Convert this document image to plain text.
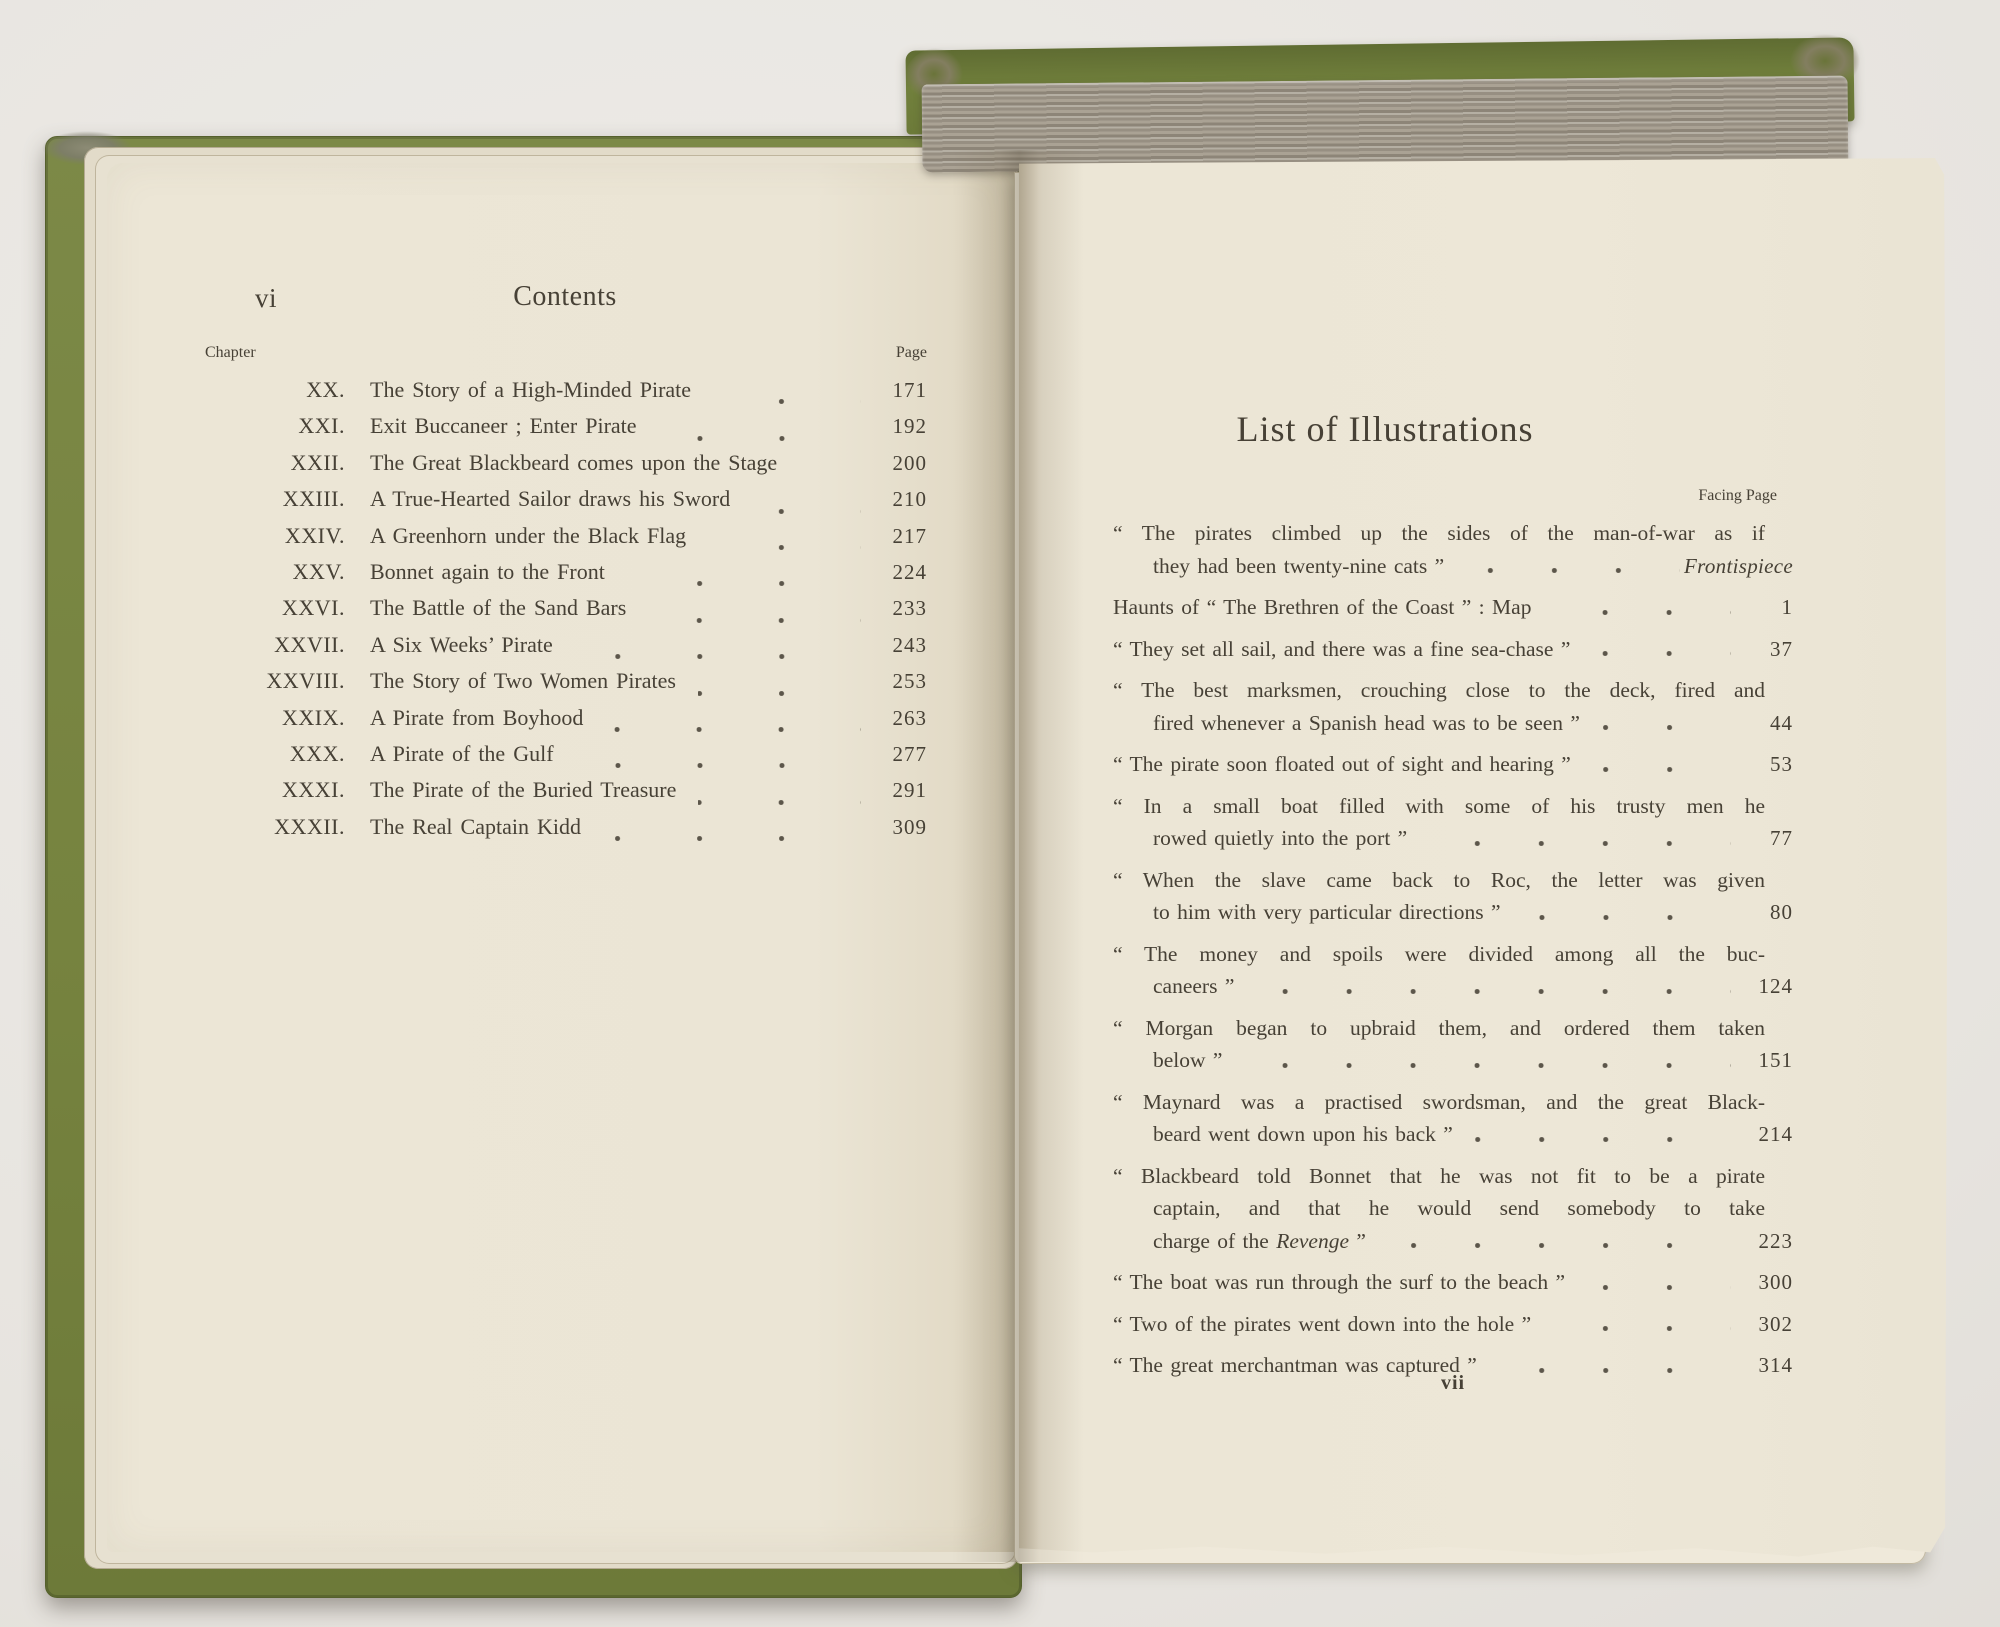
vi	Contents
Chapter	Page
XX. The Story of a High-Minded Pirate	171
XXI. Exit Buccaneer ; Enter Pirate	192
XXII. The Great Blackbeard comes upon the Stage	200
XXIII. A True-Hearted Sailor draws his Sword	210
XXIV. A Greenhorn under the Black Flag	217
XXV. Bonnet again to the Front	224
XXVI. The Battle of the Sand Bars	233
XXVII. A Six Weeks’ Pirate	243
XXVIII. The Story of Two Women Pirates	253
XXIX. A Pirate from Boyhood	263
XXX. A Pirate of the Gulf	277
XXXI. The Pirate of the Buried Treasure	291
XXXII. The Real Captain Kidd	309
List of Illustrations
Facing Page
“ The pirates climbed up the sides of the man-of-war as if
they had been twenty-nine cats ”	Frontispiece
Haunts of “ The Brethren of the Coast ” : Map	1
“ They set all sail, and there was a fine sea-chase ”	37
“ The best marksmen, crouching close to the deck, fired and
fired whenever a Spanish head was to be seen ”	44
“ The pirate soon floated out of sight and hearing ”	53
“ In a small boat filled with some of his trusty men he
rowed quietly into the port ”	77
“ When the slave came back to Roc, the letter was given
to him with very particular directions ”	80
“ The money and spoils were divided among all the buc-
caneers ”	124
“ Morgan began to upbraid them, and ordered them taken
below ”	151
“ Maynard was a practised swordsman, and the great Black-
beard went down upon his back ”	214
“ Blackbeard told Bonnet that he was not fit to be a pirate
captain, and that he would send somebody to take
charge of the Revenge ”	223
“ The boat was run through the surf to the beach ”	300
“ Two of the pirates went down into the hole ”	302
“ The great merchantman was captured ”	314
vii
